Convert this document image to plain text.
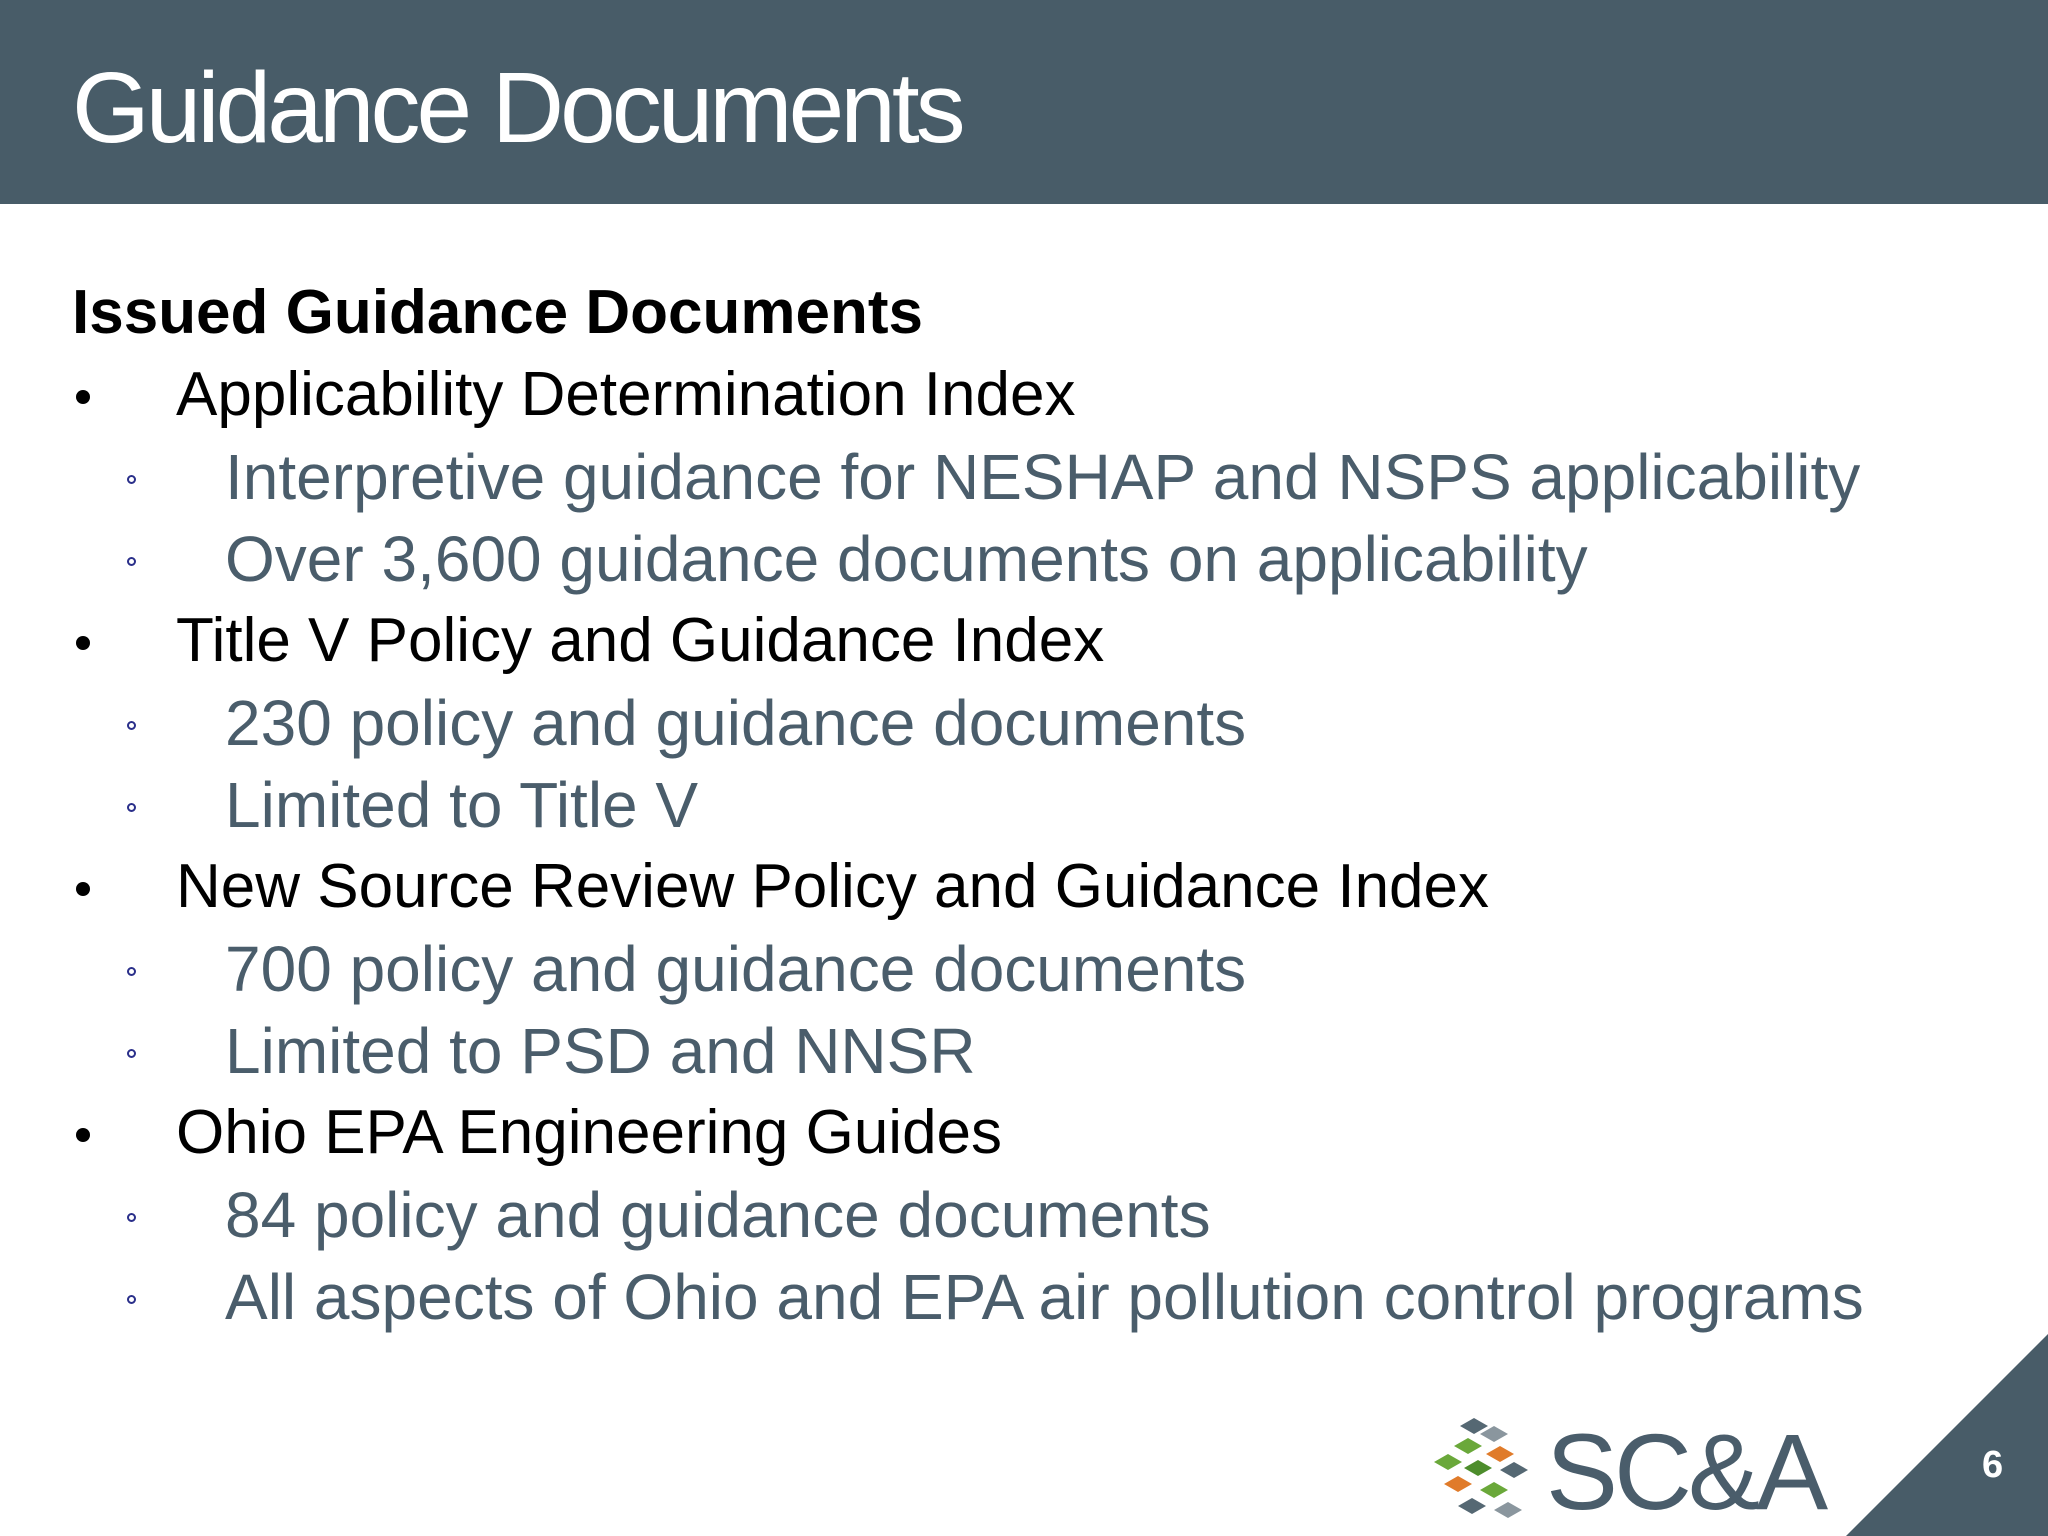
Guidance Documents
Issued Guidance Documents
Applicability Determination Index
Interpretive guidance for NESHAP and NSPS applicability
Over 3,600 guidance documents on applicability
Title V Policy and Guidance Index
230 policy and guidance documents
Limited to Title V
New Source Review Policy and Guidance Index
700 policy and guidance documents
Limited to PSD and NNSR
Ohio EPA Engineering Guides
84 policy and guidance documents
All aspects of Ohio and EPA air pollution control programs
SC&A	6
